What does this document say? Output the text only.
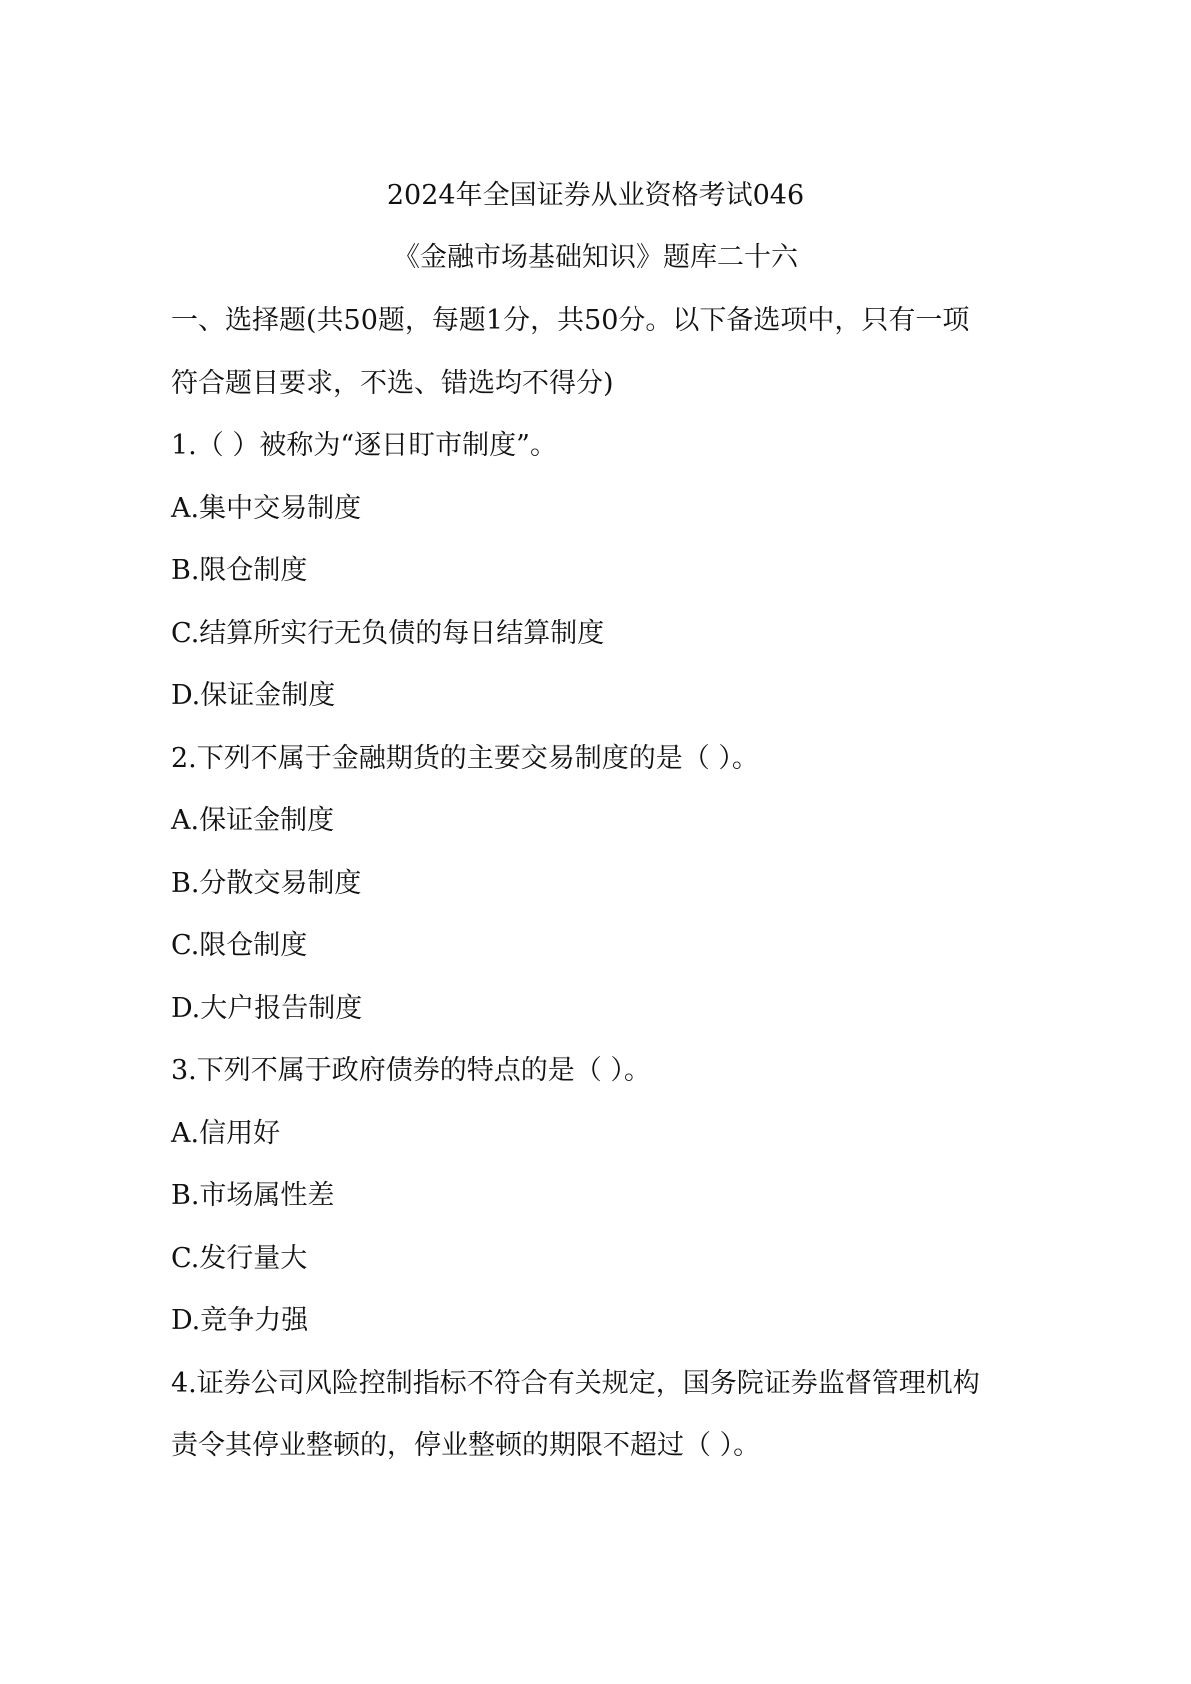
2024年全国证券从业资格考试046
《金融市场基础知识》题库二十六
一、选择题(共50题，每题1分，共50分。以下备选项中，只有一项
符合题目要求，不选、错选均不得分)
1.（ ）被称为“逐日盯市制度”。
A.集中交易制度
B.限仓制度
C.结算所实行无负债的每日结算制度
D.保证金制度
2.下列不属于金融期货的主要交易制度的是（ ）。
A.保证金制度
B.分散交易制度
C.限仓制度
D.大户报告制度
3.下列不属于政府债券的特点的是（ ）。
A.信用好
B.市场属性差
C.发行量大
D.竞争力强
4.证券公司风险控制指标不符合有关规定，国务院证券监督管理机构
责令其停业整顿的，停业整顿的期限不超过（ ）。
